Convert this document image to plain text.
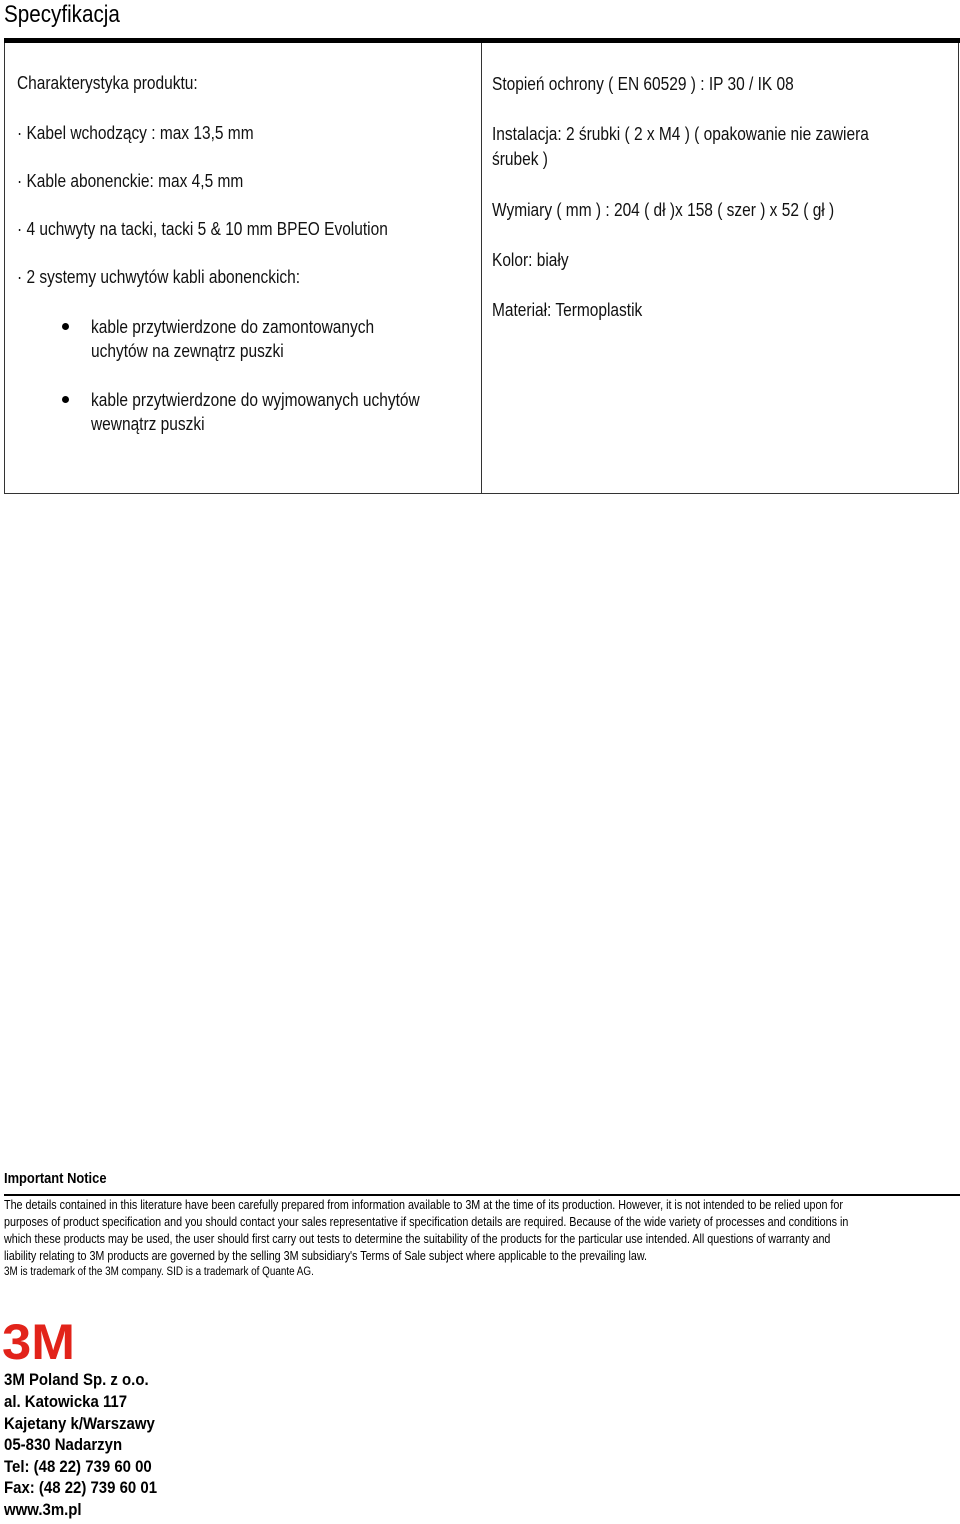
Specyfikacja
Charakterystyka produktu:
· Kabel wchodzący : max 13,5 mm
· Kable abonenckie: max 4,5 mm
· 4 uchwyty na tacki, tacki 5 & 10 mm BPEO Evolution
· 2 systemy uchwytów kabli abonenckich:
kable przytwierdzone do zamontowanych
uchytów na zewnątrz puszki
kable przytwierdzone do wyjmowanych uchytów
wewnątrz puszki
Stopień ochrony ( EN 60529 ) : IP 30 / IK 08
Instalacja: 2 śrubki ( 2 x M4 ) ( opakowanie nie zawiera
śrubek )
Wymiary ( mm ) : 204 ( dł )x 158 ( szer ) x 52 ( gł )
Kolor: biały
Materiał: Termoplastik
Important Notice
The details contained in this literature have been carefully prepared from information available to 3M at the time of its production. However, it is not intended to be relied upon for
purposes of product specification and you should contact your sales representative if specification details are required. Because of the wide variety of processes and conditions in
which these products may be used, the user should first carry out tests to determine the suitability of the products for the particular use intended. All questions of warranty and
liability relating to 3M products are governed by the selling 3M subsidiary's Terms of Sale subject where applicable to the prevailing law.
3M is trademark of the 3M company. SID is a trademark of Quante AG.
3M
3M Poland Sp. z o.o.
al. Katowicka 117
Kajetany k/Warszawy
05-830 Nadarzyn
Tel: (48 22) 739 60 00
Fax: (48 22) 739 60 01
www.3m.pl
